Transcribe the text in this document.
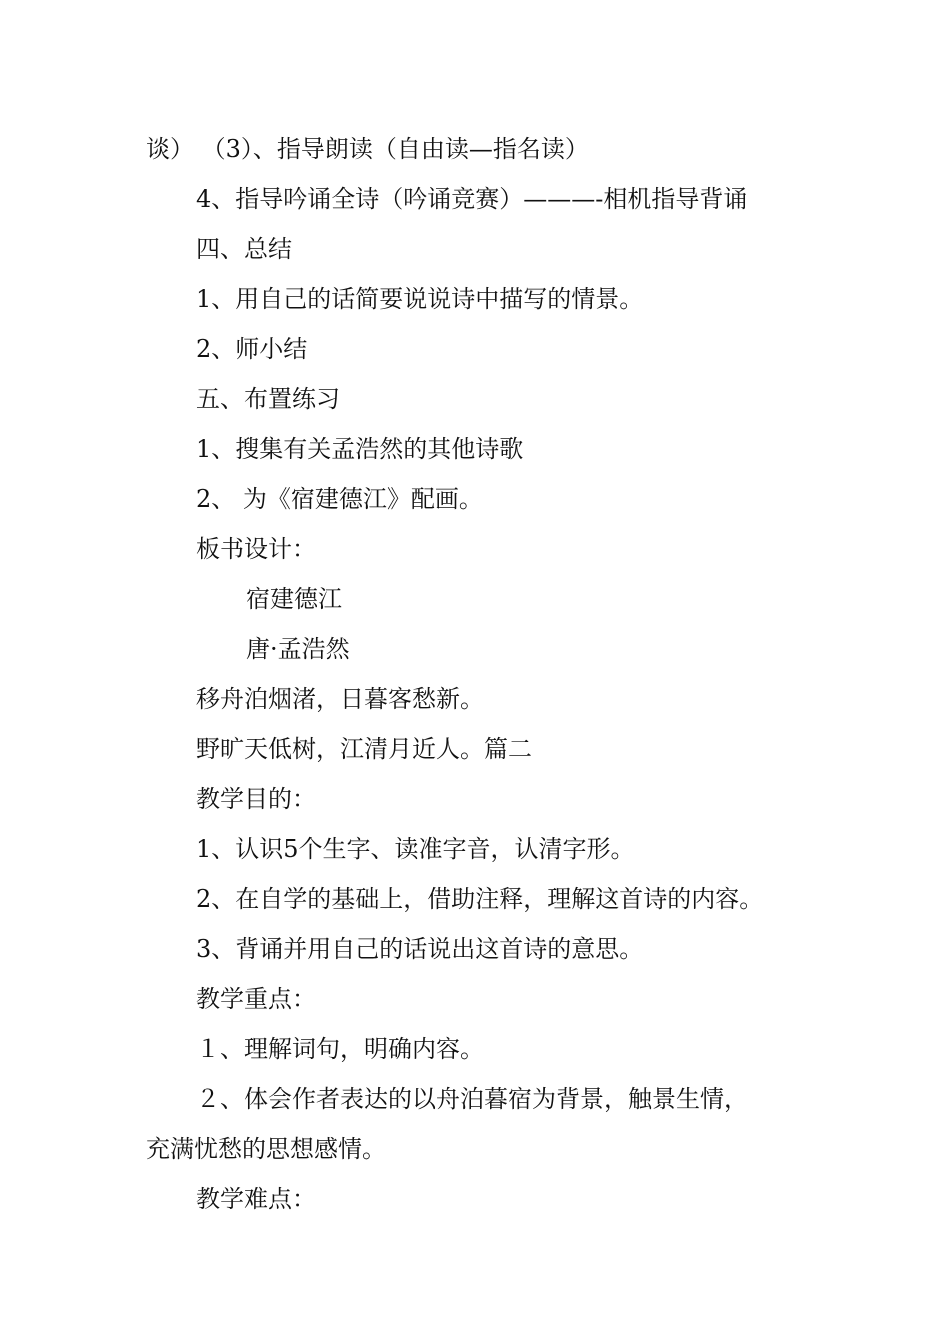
谈） （3）、指导朗读（自由读—指名读）
4、指导吟诵全诗（吟诵竞赛）———-相机指导背诵
四、总结
1、用自己的话简要说说诗中描写的情景。
2、师小结
五、布置练习
1、搜集有关孟浩然的其他诗歌
2、 为《宿建德江》配画。
板书设计：
宿建德江
唐·孟浩然
移舟泊烟渚，日暮客愁新。
野旷天低树，江清月近人。篇二
教学目的：
1、认识5个生字、读准字音，认清字形。
2、在自学的基础上，借助注释，理解这首诗的内容。
3、背诵并用自己的话说出这首诗的意思。
教学重点：
１、理解词句，明确内容。
２、体会作者表达的以舟泊暮宿为背景，触景生情，
充满忧愁的思想感情。
教学难点：
